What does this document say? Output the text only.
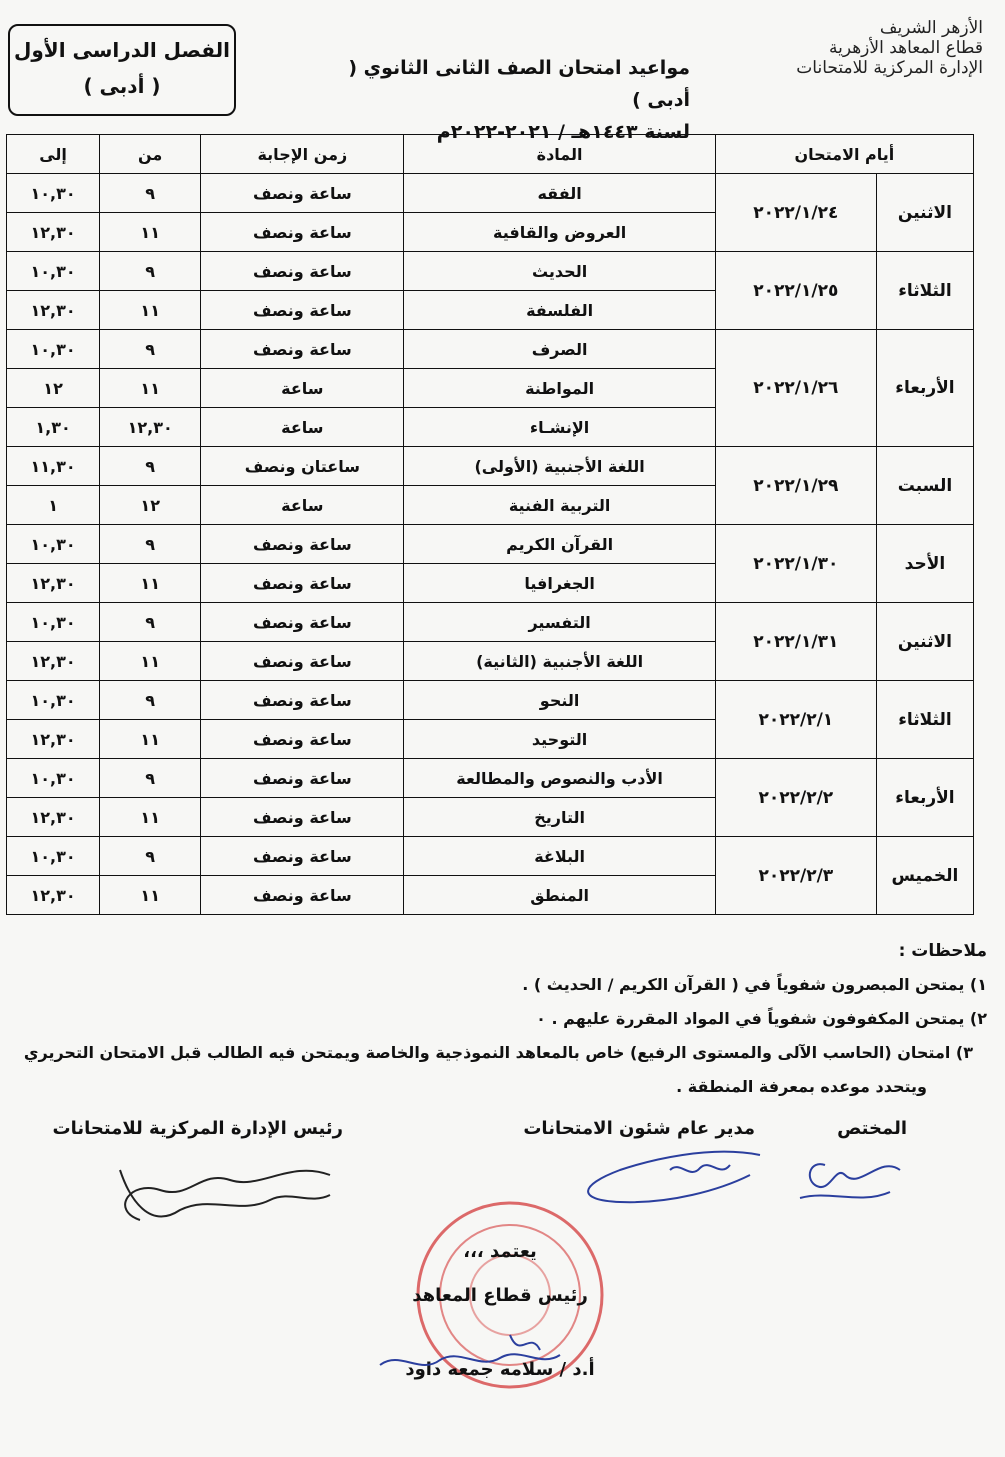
الأزهر الشريف
قطاع المعاهد الأزهرية
الإدارة المركزية للامتحانات
مواعيد امتحان الصف الثانى الثانوي ( أدبى )
لسنة ١٤٤٣هـ / ٢٠٢١-٢٠٢٢م
الفصل الدراسى الأول
( أدبى )
أيام الامتحان		المادة	زمن الإجابة	من	إلى
الاثنين	٢٠٢٢/١/٢٤	الفقه	ساعة ونصف	٩	١٠,٣٠
		العروض والقافية	ساعة ونصف	١١	١٢,٣٠
الثلاثاء	٢٠٢٢/١/٢٥	الحديث	ساعة ونصف	٩	١٠,٣٠
		الفلسفة	ساعة ونصف	١١	١٢,٣٠
الأربعاء	٢٠٢٢/١/٢٦	الصرف	ساعة ونصف	٩	١٠,٣٠
		المواطنة	ساعة	١١	١٢
		الإنشـاء	ساعة	١٢,٣٠	١,٣٠
السبت	٢٠٢٢/١/٢٩	اللغة الأجنبية (الأولى)	ساعتان ونصف	٩	١١,٣٠
		التربية الفنية	ساعة	١٢	١
الأحد	٢٠٢٢/١/٣٠	القرآن الكريم	ساعة ونصف	٩	١٠,٣٠
		الجغرافيا	ساعة ونصف	١١	١٢,٣٠
الاثنين	٢٠٢٢/١/٣١	التفسير	ساعة ونصف	٩	١٠,٣٠
		اللغة الأجنبية (الثانية)	ساعة ونصف	١١	١٢,٣٠
الثلاثاء	٢٠٢٢/٢/١	النحو	ساعة ونصف	٩	١٠,٣٠
		التوحيد	ساعة ونصف	١١	١٢,٣٠
الأربعاء	٢٠٢٢/٢/٢	الأدب والنصوص والمطالعة	ساعة ونصف	٩	١٠,٣٠
		التاريخ	ساعة ونصف	١١	١٢,٣٠
الخميس	٢٠٢٢/٢/٣	البلاغة	ساعة ونصف	٩	١٠,٣٠
		المنطق	ساعة ونصف	١١	١٢,٣٠
ملاحظات :
١) يمتحن المبصرون شفوياً في ( القرآن الكريم / الحديث ) .
٢) يمتحن المكفوفون شفوياً في المواد المقررة عليهم . ٠
٣) امتحان (الحاسب الآلى والمستوى الرفيع) خاص بالمعاهد النموذجية والخاصة ويمتحن فيه الطالب قبل الامتحان التحريري
ويتحدد موعده بمعرفة المنطقة .
المختص
مدير عام شئون الامتحانات
رئيس الإدارة المركزية للامتحانات
يعتمد ،،،
رئيس قطاع المعاهد
أ.د / سلامه جمعه داود
